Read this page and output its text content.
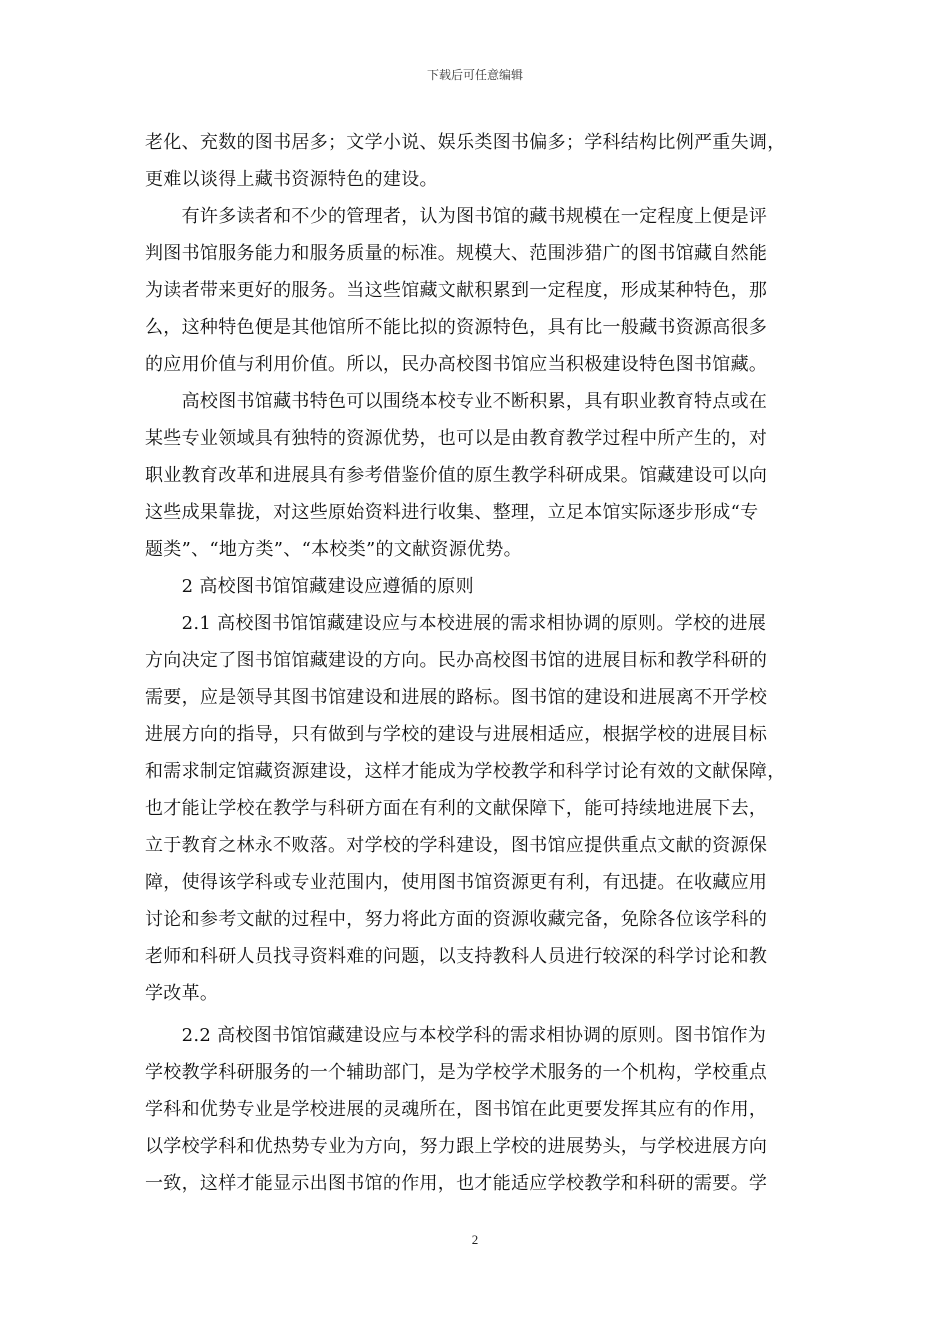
下载后可任意编辑
老化、充数的图书居多；文学小说、娱乐类图书偏多；学科结构比例严重失调，
更难以谈得上藏书资源特色的建设。
　　有许多读者和不少的管理者，认为图书馆的藏书规模在一定程度上便是评
判图书馆服务能力和服务质量的标准。规模大、范围涉猎广的图书馆藏自然能
为读者带来更好的服务。当这些馆藏文献积累到一定程度，形成某种特色，那
么，这种特色便是其他馆所不能比拟的资源特色，具有比一般藏书资源高很多
的应用价值与利用价值。所以，民办高校图书馆应当积极建设特色图书馆藏。
　　高校图书馆藏书特色可以围绕本校专业不断积累，具有职业教育特点或在
某些专业领域具有独特的资源优势，也可以是由教育教学过程中所产生的，对
职业教育改革和进展具有参考借鉴价值的原生教学科研成果。馆藏建设可以向
这些成果靠拢，对这些原始资料进行收集、整理，立足本馆实际逐步形成“专
题类”、“地方类”、“本校类”的文献资源优势。
　　2 高校图书馆馆藏建设应遵循的原则
　　2.1 高校图书馆馆藏建设应与本校进展的需求相协调的原则。学校的进展
方向决定了图书馆馆藏建设的方向。民办高校图书馆的进展目标和教学科研的
需要，应是领导其图书馆建设和进展的路标。图书馆的建设和进展离不开学校
进展方向的指导，只有做到与学校的建设与进展相适应，根据学校的进展目标
和需求制定馆藏资源建设，这样才能成为学校教学和科学讨论有效的文献保障，
也才能让学校在教学与科研方面在有利的文献保障下，能可持续地进展下去，
立于教育之林永不败落。对学校的学科建设，图书馆应提供重点文献的资源保
障，使得该学科或专业范围内，使用图书馆资源更有利，有迅捷。在收藏应用
讨论和参考文献的过程中，努力将此方面的资源收藏完备，免除各位该学科的
老师和科研人员找寻资料难的问题，以支持教科人员进行较深的科学讨论和教
学改革。
　　2.2 高校图书馆馆藏建设应与本校学科的需求相协调的原则。图书馆作为
学校教学科研服务的一个辅助部门，是为学校学术服务的一个机构，学校重点
学科和优势专业是学校进展的灵魂所在，图书馆在此更要发挥其应有的作用，
以学校学科和优热势专业为方向，努力跟上学校的进展势头，与学校进展方向
一致，这样才能显示出图书馆的作用，也才能适应学校教学和科研的需要。学
2
